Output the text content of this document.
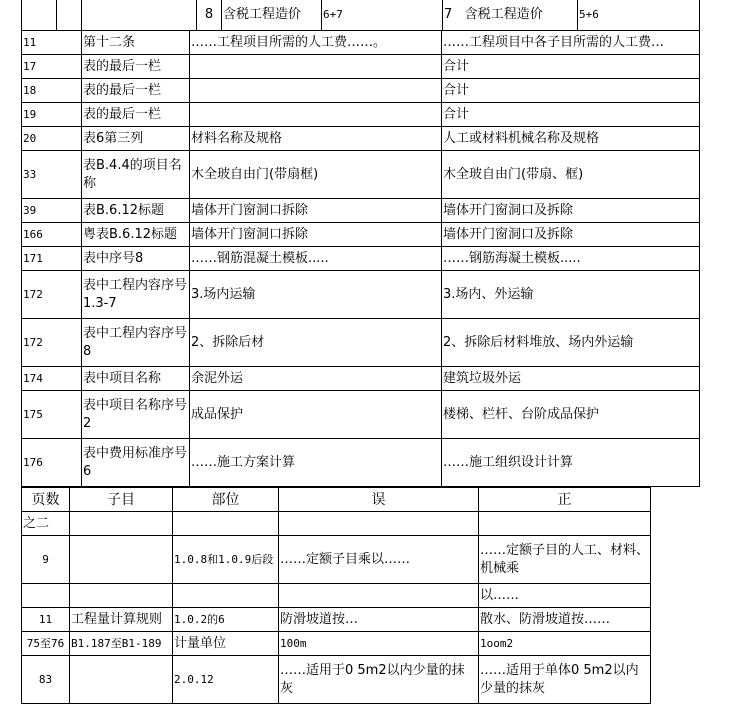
			8	含税工程造价	6+7	7 含税工程造价	5+6
11	第十二条	……工程项目所需的人工费……。	……工程项目中各子目所需的人工费…
17	表的最后一栏		合计
18	表的最后一栏		合计
19	表的最后一栏		合计
20	表6第三列	材料名称及规格	人工或材料机械名称及规格
33	表B.4.4的项目名称	木全玻自由门(带扇框)	木全玻自由门(带扇、框)
39	表B.6.12标题	墙体开门窗洞口拆除	墙体开门窗洞口及拆除
166	粤表B.6.12标题	墙体开门窗洞口拆除	墙体开门窗洞口及拆除
171	表中序号8	……钢筋混凝土模板.....	……钢筋海凝土模板.....
172	表中工程内容序号1.3-7	3.场内运输	3.场内、外运输
172	表中工程内容序号8	2、拆除后材	2、拆除后材料堆放、场内外运输
174	表中项目名称	余泥外运	建筑垃圾外运
175	表中项目名称序号2	成品保护	楼梯、栏杆、台阶成品保护
176	表中费用标准序号6	……施工方案计算	……施工组织设计计算
页数	子目	部位	误	正
之二				
9		1.0.8和1.0.9后段	……定额子目乘以……	……定额子目的人工、材料、机械乘
				以……
11	工程量计算规则	1.0.2的6	防滑坡道按…	散水、防滑坡道按……
75至76	B1.187至B1-189	计量单位	100m	1oom2
83		2.0.12	……适用于0 5m2以内少量的抹灰	……适用于单体0 5m2以内少量的抹灰
